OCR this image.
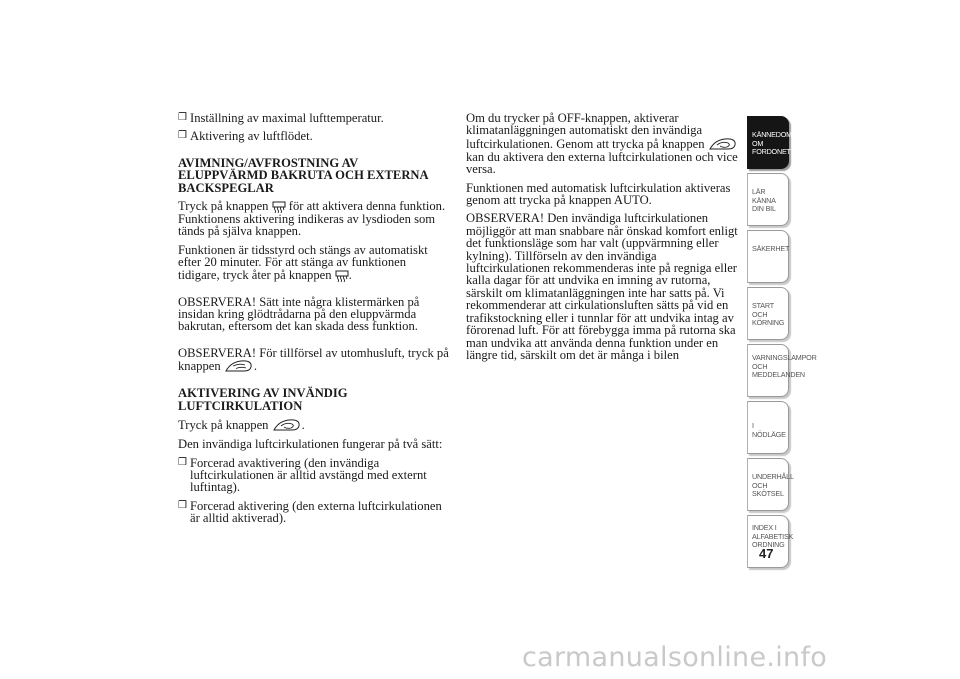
❒ Inställning av maximal lufttemperatur.
❒ Aktivering av luftflödet.
AVIMNING/AVFROSTNING AV ELUPPVÄRMD BAKRUTA OCH EXTERNA BACKSPEGLAR

Tryck på knappen för att aktivera denna funktion. Funktionens aktivering indikeras av lysdioden som tänds på själva knappen.

Funktionen är tidsstyrd och stängs av automatiskt efter 20 minuter. För att stänga av funktionen tidigare, tryck åter på knappen .

OBSERVERA! Sätt inte några klistermärken på insidan kring glödtrådarna på den eluppvärmda bakrutan, eftersom det kan skada dess funktion.

OBSERVERA! För tillförsel av utomhusluft, tryck på knappen	.

AKTIVERING AV INVÄNDIG LUFTCIRKULATION

Tryck på knappen	.

Den invändiga luftcirkulationen fungerar på två sätt:

❒ Forcerad avaktivering (den invändiga luftcirkulationen är alltid avstängd med externt luftintag).
❒ Forcerad aktivering (den externa luftcirkulationen är alltid aktiverad).

Om du trycker på OFF-knappen, aktiverar klimatanläggningen automatiskt den invändiga luftcirkulationen. Genom att trycka på knappen  kan du aktivera den externa luftcirkulationen och vice versa.

Funktionen med automatisk luftcirkulation aktiveras genom att trycka på knappen AUTO.

OBSERVERA! Den invändiga luftcirkulationen möjliggör att man snabbare når önskad komfort enligt det funktionsläge som har valt (uppvärmning eller kylning). Tillförseln av den invändiga luftcirkulationen rekommenderas inte på regniga eller kalla dagar för att undvika en imning av rutorna, särskilt om klimatanläggningen inte har satts på. Vi rekommenderar att cirkulationsluften sätts på vid en trafikstockning eller i tunnlar för att undvika intag av förorenad luft. För att förebygga imma på rutorna ska man undvika att använda denna funktion under en längre tid, särskilt om det är många i bilen

KÄNNEDOM OM FORDONET
LÄR KÄNNA DIN BIL
SÄKERHET
START OCH KÖRNING
VARNINGSLAMPOR OCH MEDDELANDEN
I NÖDLÄGE
UNDERHÅLL OCH SKÖTSEL
INDEX I ALFABETISK ORDNING
47
carmanualsonline.info
